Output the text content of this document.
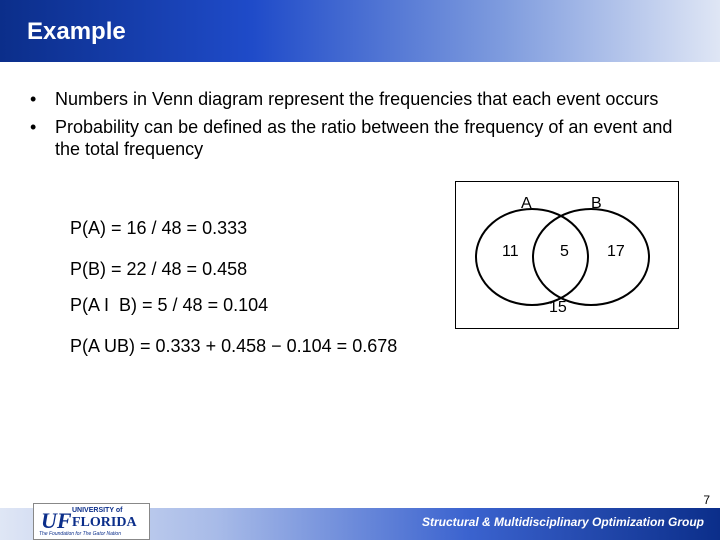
Example
• Numbers in Venn diagram represent the frequencies that each event occurs
• Probability can be defined as the ratio between the frequency of an event and the total frequency
P(A) = 16 / 48 = 0.333
P(B) = 22 / 48 = 0.458
P(A I  B) = 5 / 48 = 0.104
P(A UB) = 0.333 + 0.458 − 0.104 = 0.678
A	B
11	5 17
15
7
Structural & Multidisciplinary Optimization Group
UF UNIVERSITY of
FLORIDA
The Foundation for The Gator Nation
